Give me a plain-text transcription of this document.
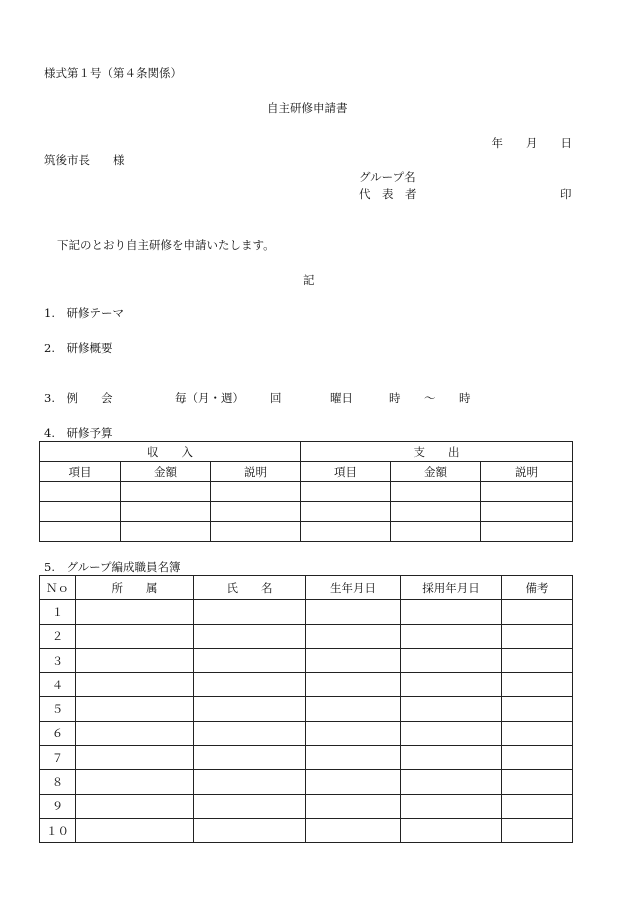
様式第１号（第４条関係）
自主研修申請書
年　　月　　日
筑後市長　　様
グループ名
代　表　者	印
下記のとおり自主研修を申請いたします。
記
1.　研修テーマ
2.　研修概要
3.　例　　会	毎（月・週） 回	曜日	時 〜 時
4.　研修予算
収　　入			支　　出		
項目	金額	説明	項目	金額	説明

5.　グループ編成職員名簿
Ｎｏ	所　　属	氏　　名	生年月日	採用年月日	備考
１					
２					
３					
４					
５					
６					
７					
８					
９					
１０					
